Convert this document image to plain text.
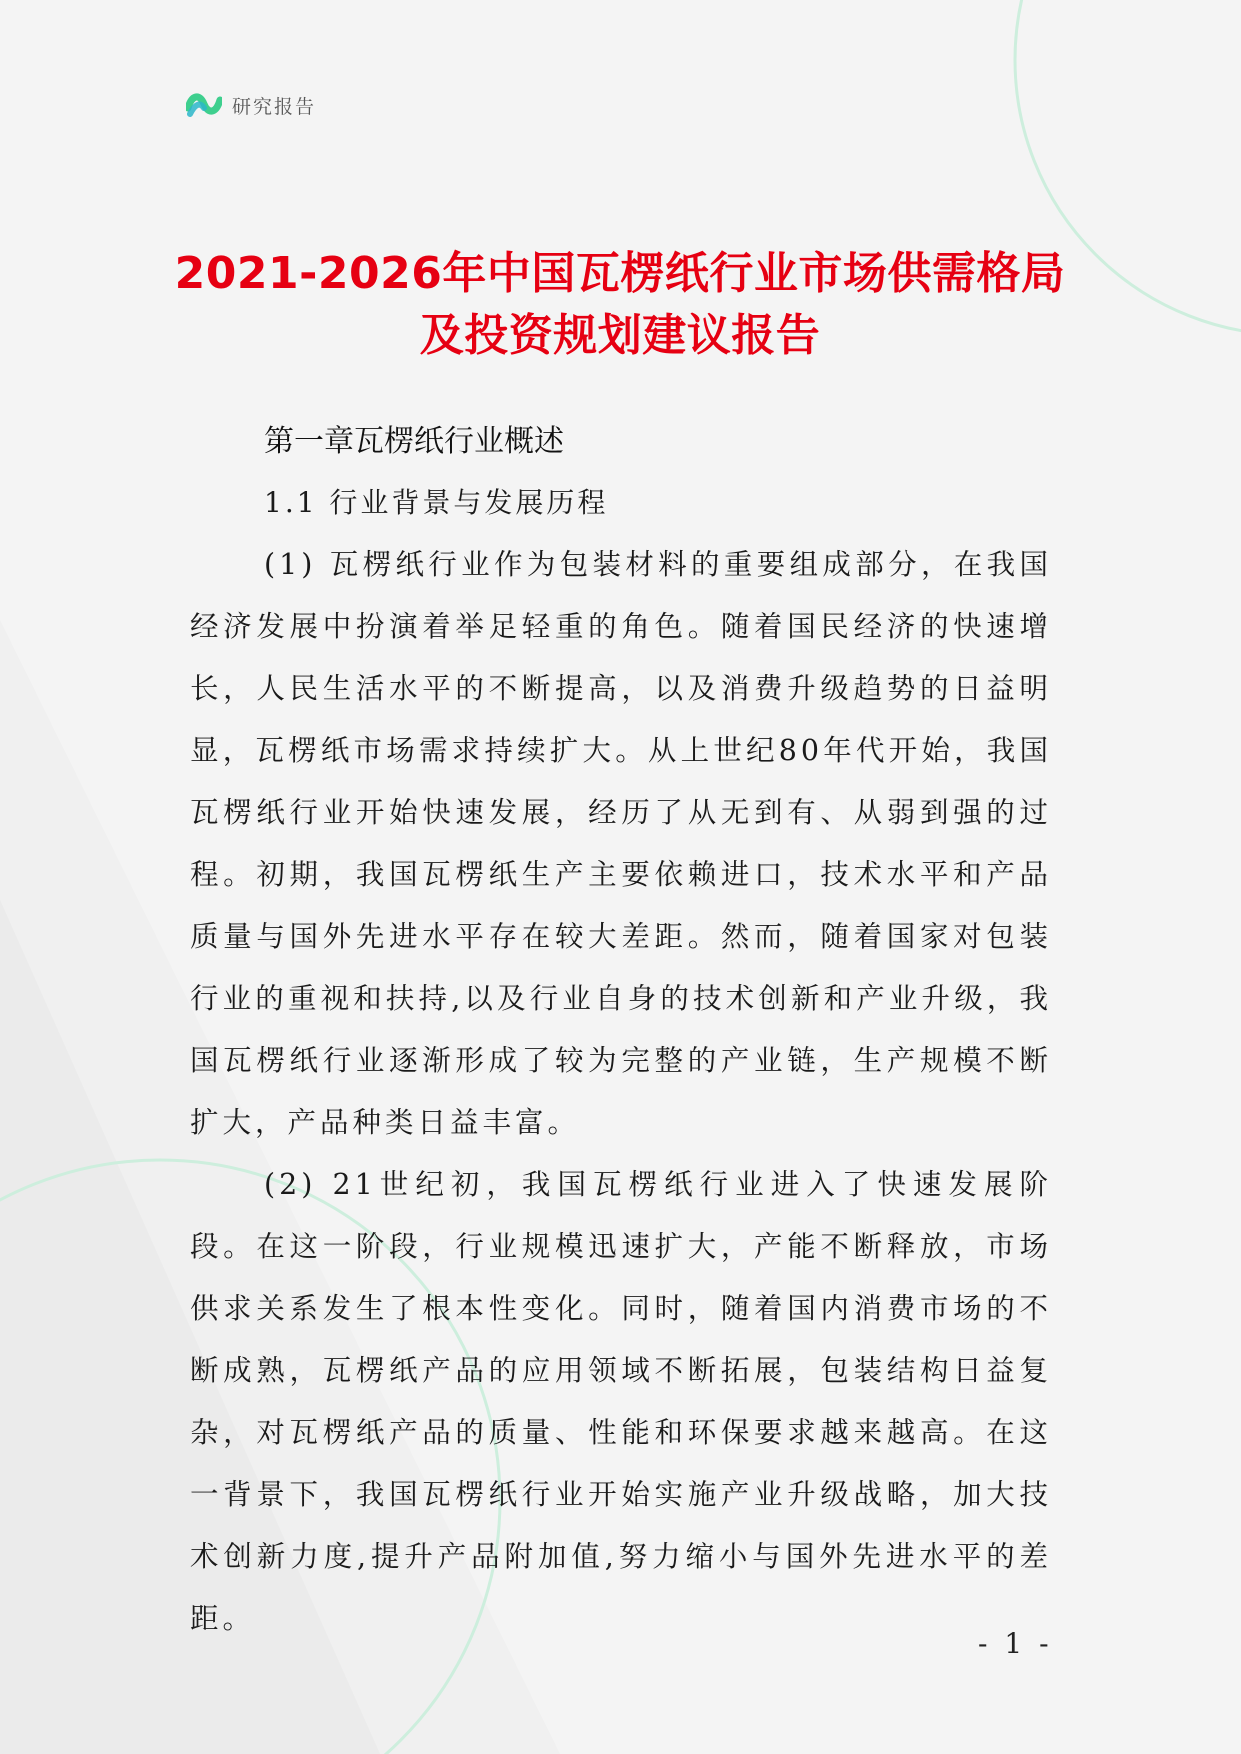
研究报告
2021-2026年中国瓦楞纸行业市场供需格局
及投资规划建议报告
第一章瓦楞纸行业概述
1.1 行业背景与发展历程

(1) 瓦楞纸行业作为包装材料的重要组成部分，在我国经济发展中扮演着举足轻重的角色。随着国民经济的快速增长，人民生活水平的不断提高，以及消费升级趋势的日益明显，瓦楞纸市场需求持续扩大。从上世纪80年代开始，我国瓦楞纸行业开始快速发展，经历了从无到有、从弱到强的过程。初期，我国瓦楞纸生产主要依赖进口，技术水平和产品质量与国外先进水平存在较大差距。然而，随着国家对包装行业的重视和扶持,以及行业自身的技术创新和产业升级，我国瓦楞纸行业逐渐形成了较为完整的产业链，生产规模不断扩大，产品种类日益丰富。

(2) 21世纪初，我国瓦楞纸行业进入了快速发展阶段。在这一阶段，行业规模迅速扩大，产能不断释放，市场供求关系发生了根本性变化。同时，随着国内消费市场的不断成熟，瓦楞纸产品的应用领域不断拓展，包装结构日益复杂，对瓦楞纸产品的质量、性能和环保要求越来越高。在这一背景下，我国瓦楞纸行业开始实施产业升级战略，加大技术创新力度,提升产品附加值,努力缩小与国外先进水平的差距。

- 1 -
